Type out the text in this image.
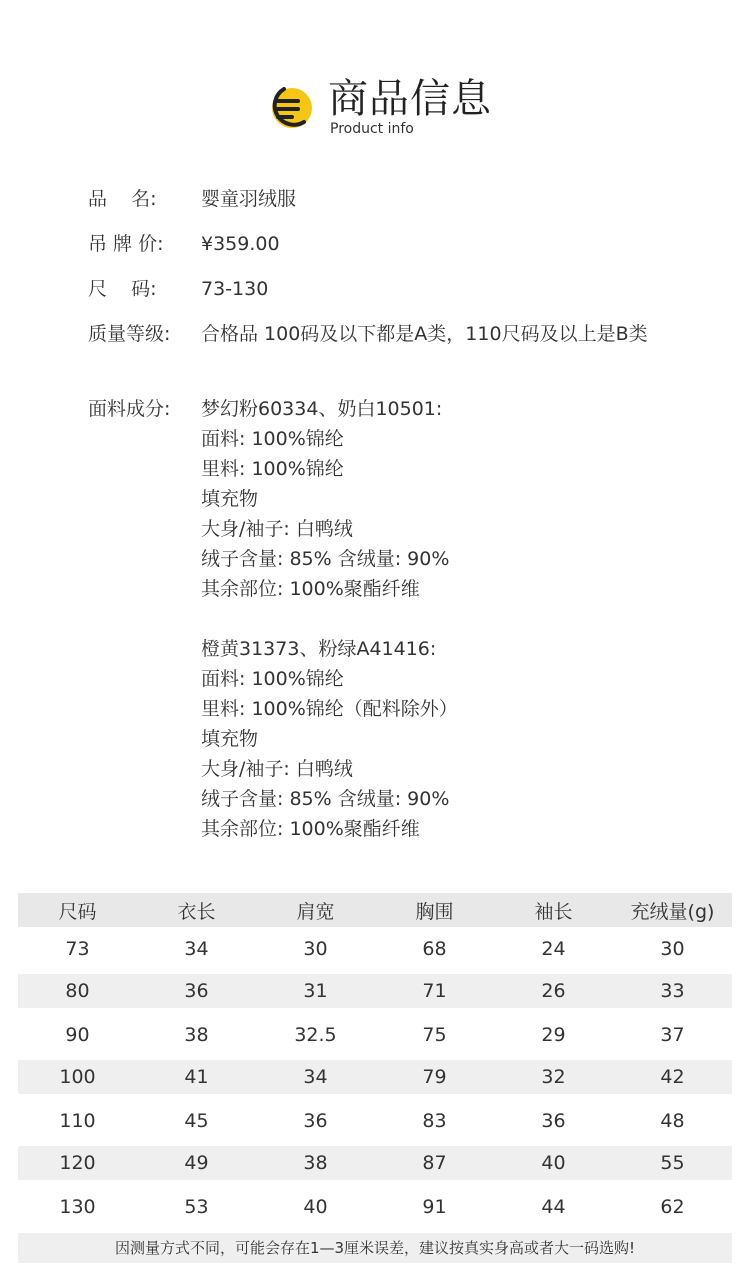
商品信息
Product info
品    名:	婴童羽绒服
吊 牌 价:	¥359.00
尺    码:	73-130
质量等级:	合格品 100码及以下都是A类，110尺码及以上是B类
面料成分:	梦幻粉60334、奶白10501:
面料: 100%锦纶
里料: 100%锦纶
填充物
大身/袖子: 白鸭绒
绒子含量: 85% 含绒量: 90%
其余部位: 100%聚酯纤维
橙黄31373、粉绿A41416:
面料: 100%锦纶
里料: 100%锦纶（配料除外）
填充物
大身/袖子: 白鸭绒
绒子含量: 85% 含绒量: 90%
其余部位: 100%聚酯纤维
尺码	衣长	肩宽	胸围	袖长	充绒量(g)
73	34	30	68	24	30
80	36	31	71	26	33
90	38	32.5	75	29	37
100	41	34	79	32	42
110	45	36	83	36	48
120	49	38	87	40	55
130	53	40	91	44	62
因测量方式不同，可能会存在1—3厘米误差，建议按真实身高或者大一码选购!
